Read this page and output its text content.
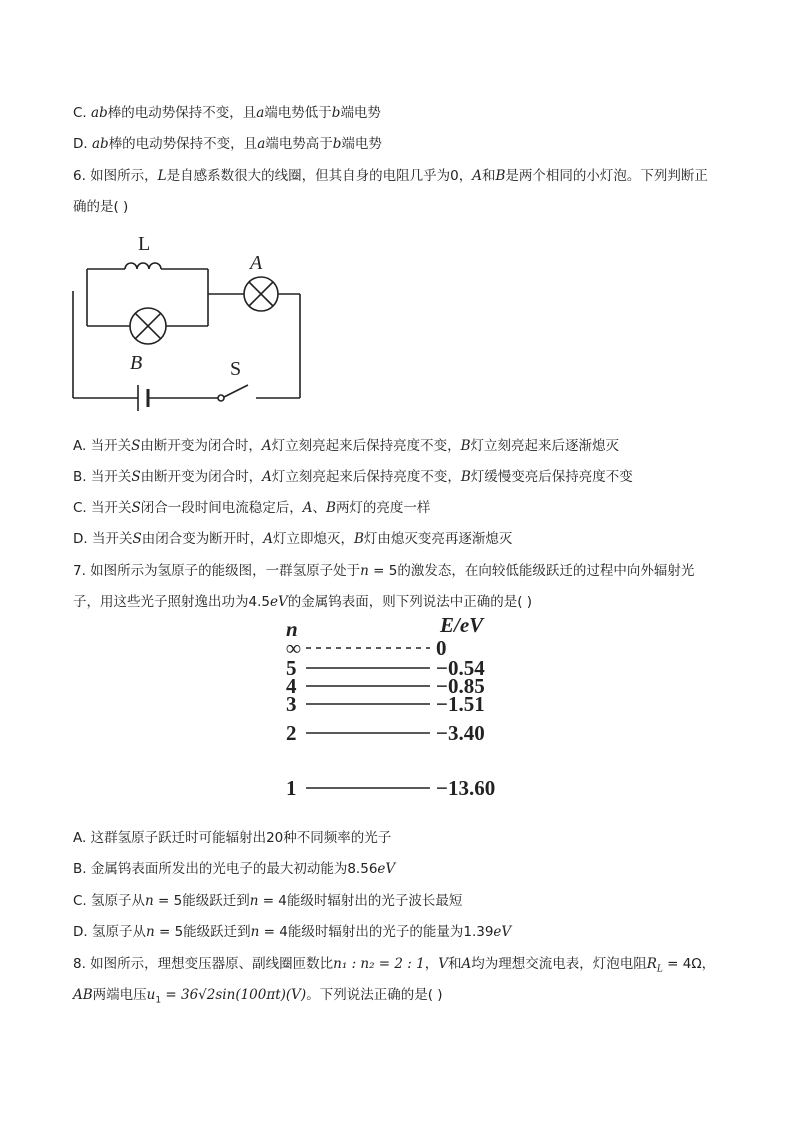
C. ab棒的电动势保持不变，且a端电势低于b端电势
D. ab棒的电动势保持不变，且a端电势高于b端电势
6. 如图所示，L是自感系数很大的线圈，但其自身的电阻几乎为0，A和B是两个相同的小灯泡。下列判断正
确的是( )
L
A
B	S
A. 当开关S由断开变为闭合时，A灯立刻亮起来后保持亮度不变，B灯立刻亮起来后逐渐熄灭
B. 当开关S由断开变为闭合时，A灯立刻亮起来后保持亮度不变，B灯缓慢变亮后保持亮度不变
C. 当开关S闭合一段时间电流稳定后，A、B两灯的亮度一样
D. 当开关S由闭合变为断开时，A灯立即熄灭，B灯由熄灭变亮再逐渐熄灭
7. 如图所示为氢原子的能级图，一群氢原子处于n = 5的激发态，在向较低能级跃迁的过程中向外辐射光
子，用这些光子照射逸出功为4.5eV的金属钨表面，则下列说法中正确的是( )
n	E/eV
∞	0
5	−0.54
4	−0.85
3	−1.51
2	−3.40
1	−13.60
A. 这群氢原子跃迁时可能辐射出20种不同频率的光子
B. 金属钨表面所发出的光电子的最大初动能为8.56eV
C. 氢原子从n = 5能级跃迁到n = 4能级时辐射出的光子波长最短
D. 氢原子从n = 5能级跃迁到n = 4能级时辐射出的光子的能量为1.39eV
8. 如图所示，理想变压器原、副线圈匝数比n₁ : n₂ = 2 : 1，V和A均为理想交流电表，灯泡电阻$R_L = 4\Omega$，
AB两端电压$u_1 = 36√2\sin(100\pi t)(V)$。下列说法正确的是( )
